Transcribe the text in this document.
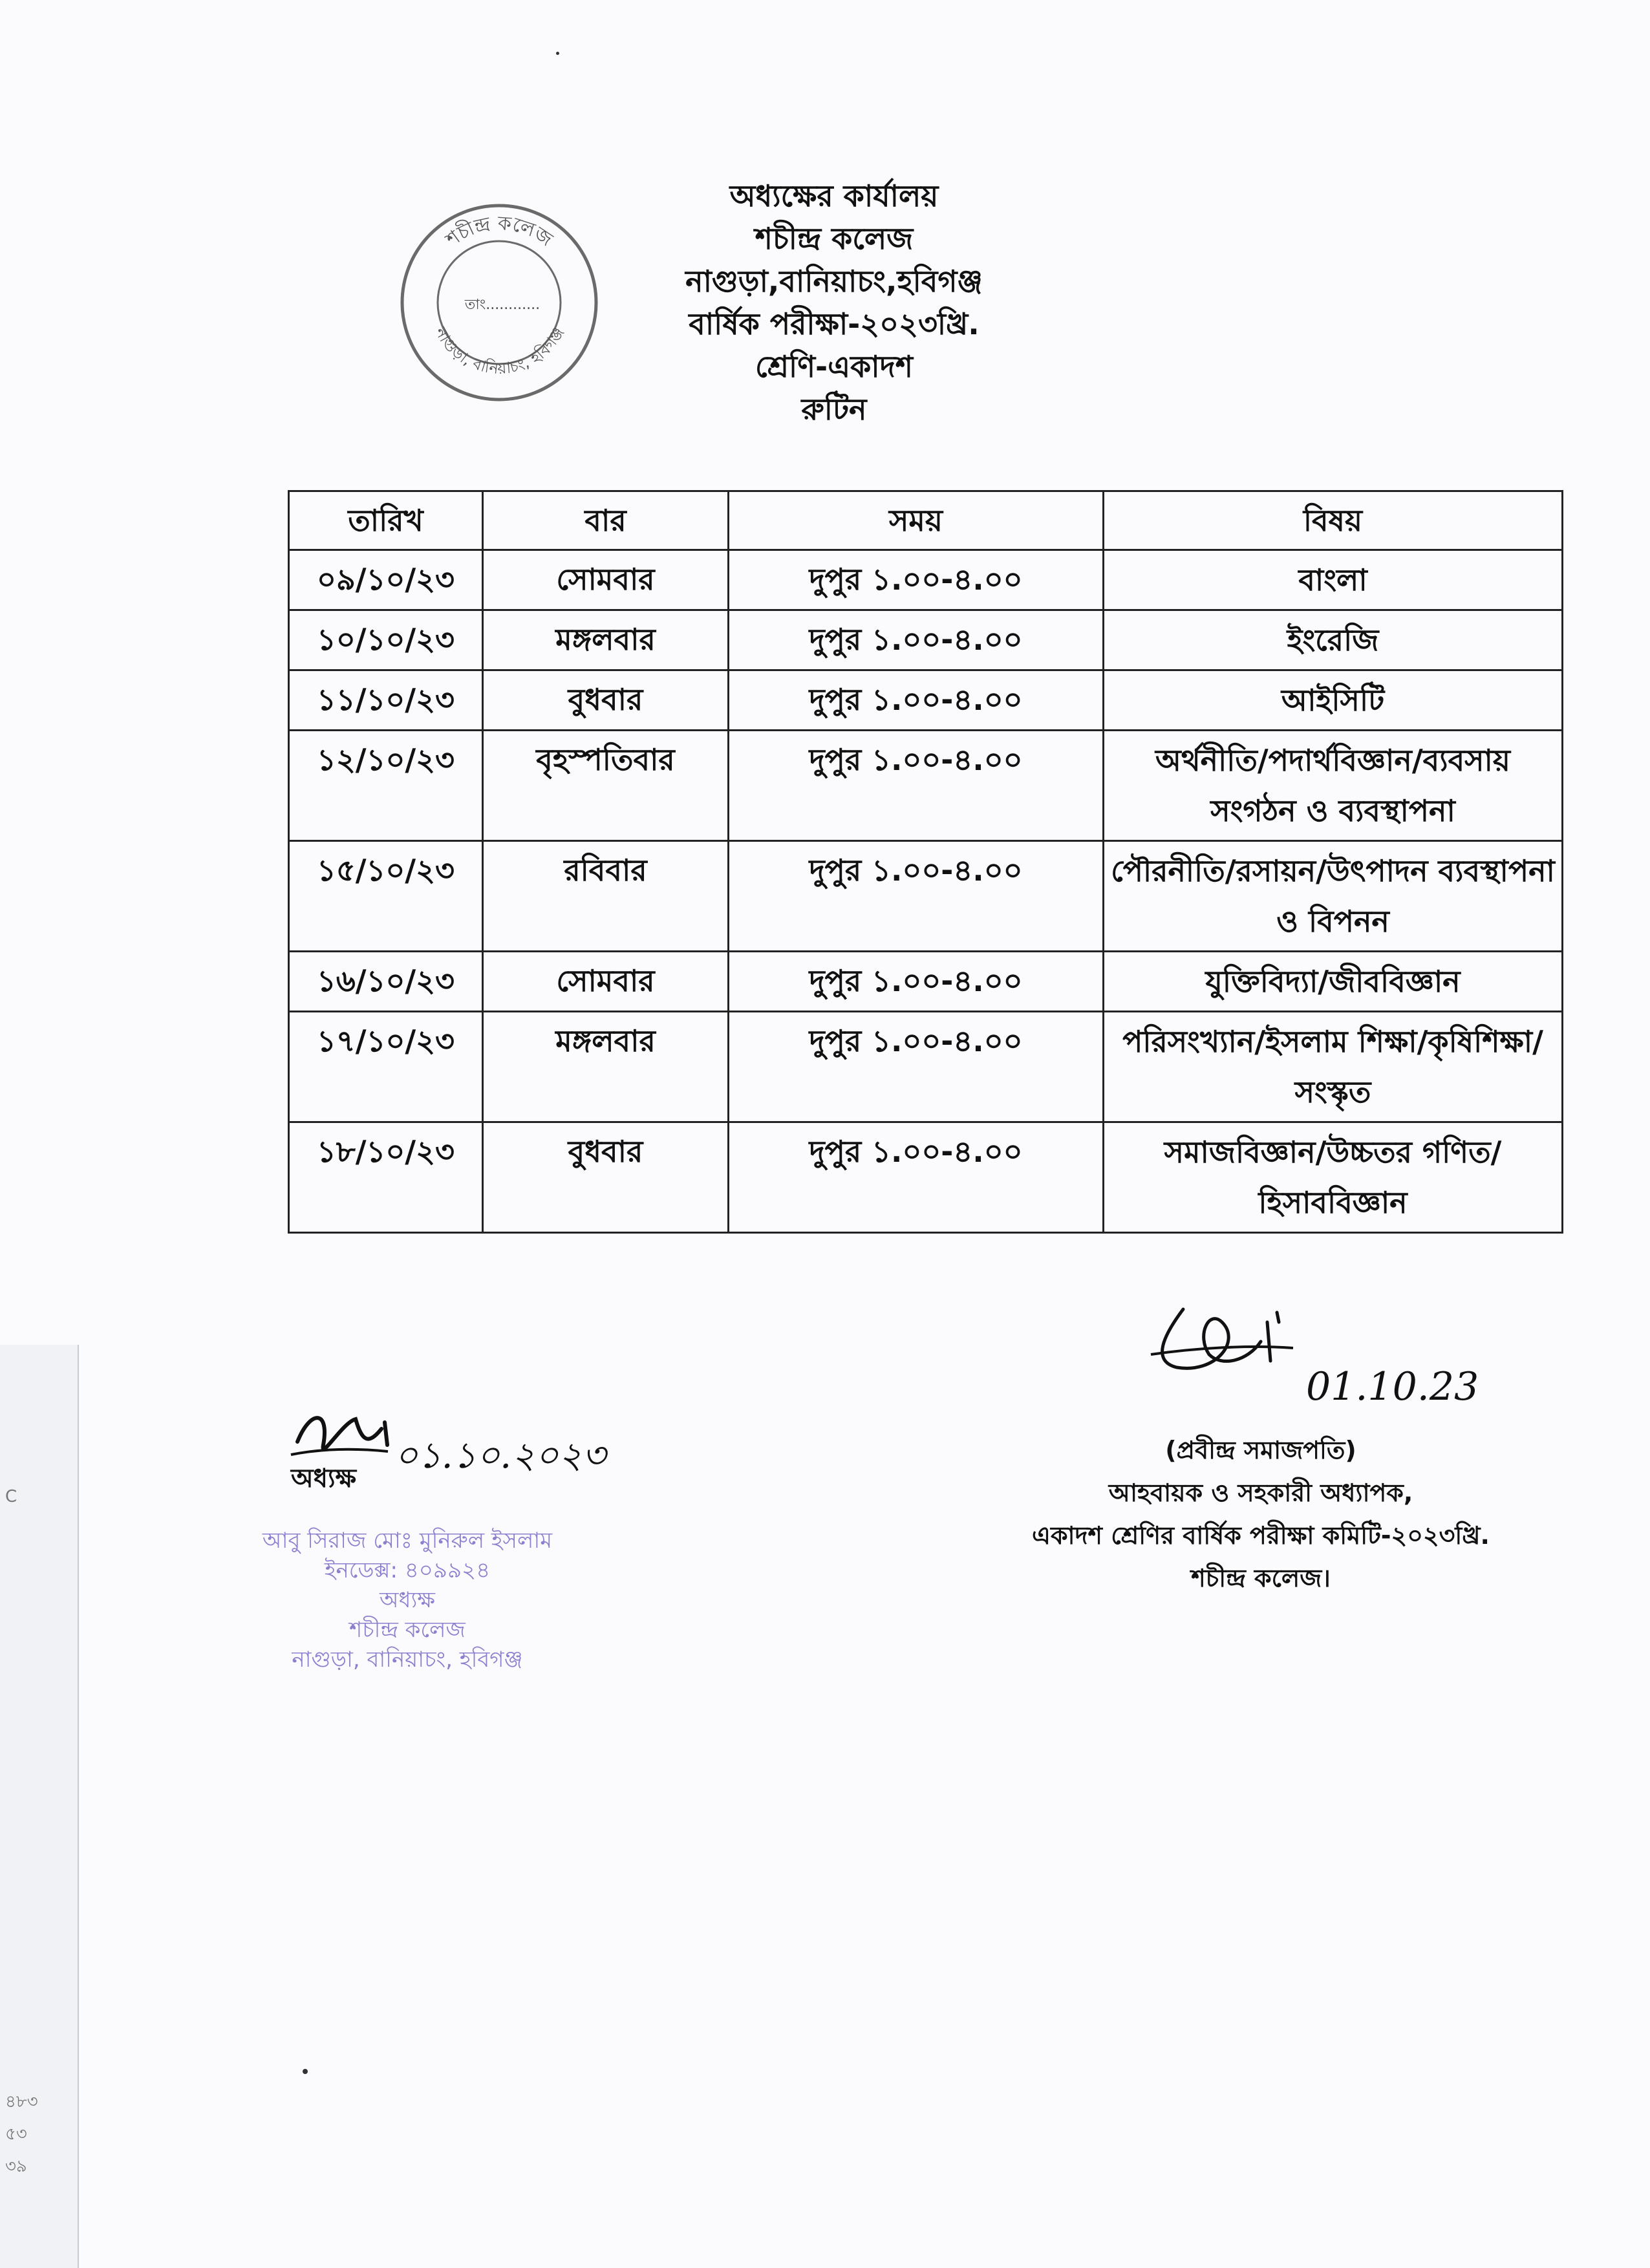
C
৪৮৩
৫৩
৩৯
শচীন্দ্র কলেজ
নাগুড়া, বানিয়াচং, হবিগঞ্জ
তাং............
অধ্যক্ষের কার্যালয়
শচীন্দ্র কলেজ
নাগুড়া,বানিয়াচং,হবিগঞ্জ
বার্ষিক পরীক্ষা-২০২৩খ্রি.
শ্রেণি-একাদশ
রুটিন
তারিখ	বার	সময়	বিষয়
০৯/১০/২৩	সোমবার	দুপুর ১.০০-৪.০০	বাংলা
১০/১০/২৩	মঙ্গলবার	দুপুর ১.০০-৪.০০	ইংরেজি
১১/১০/২৩	বুধবার	দুপুর ১.০০-৪.০০	আইসিটি
১২/১০/২৩	বৃহস্পতিবার	দুপুর ১.০০-৪.০০	অর্থনীতি/পদার্থবিজ্ঞান/ব্যবসায় সংগঠন ও ব্যবস্থাপনা
১৫/১০/২৩	রবিবার	দুপুর ১.০০-৪.০০	পৌরনীতি/রসায়ন/উৎপাদন ব্যবস্থাপনা ও বিপনন
১৬/১০/২৩	সোমবার	দুপুর ১.০০-৪.০০	যুক্তিবিদ্যা/জীববিজ্ঞান
১৭/১০/২৩	মঙ্গলবার	দুপুর ১.০০-৪.০০	পরিসংখ্যান/ইসলাম শিক্ষা/কৃষিশিক্ষা/সংস্কৃত
১৮/১০/২৩	বুধবার	দুপুর ১.০০-৪.০০	সমাজবিজ্ঞান/উচ্চতর গণিত/হিসাববিজ্ঞান
০১.১০.২০২৩
অধ্যক্ষ
আবু সিরাজ মোঃ মুনিরুল ইসলাম
ইনডেক্স: ৪০৯৯২৪
অধ্যক্ষ
শচীন্দ্র কলেজ
নাগুড়া, বানিয়াচং, হবিগঞ্জ
01.10.23
(প্রবীন্দ্র সমাজপতি)
আহবায়ক ও সহকারী অধ্যাপক,
একাদশ শ্রেণির বার্ষিক পরীক্ষা কমিটি-২০২৩খ্রি.
শচীন্দ্র কলেজ।
